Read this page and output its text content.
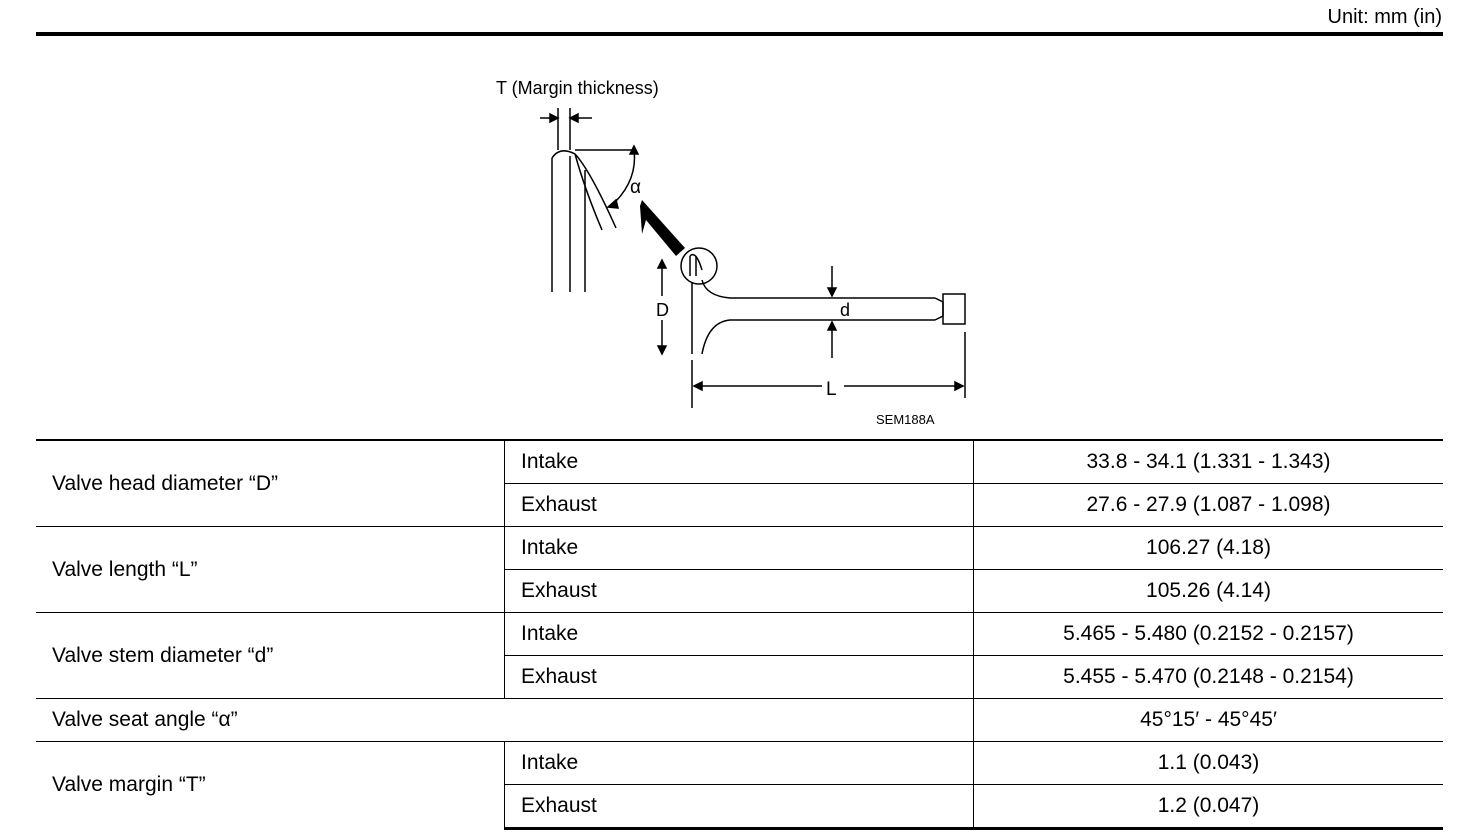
Unit: mm (in)
T (Margin thickness)
α
D	d
L
SEM188A
Valve head diameter “D”	Intake	33.8 - 34.1 (1.331 - 1.343)
	Exhaust	27.6 - 27.9 (1.087 - 1.098)
Valve length “L”	Intake	106.27 (4.18)
	Exhaust	105.26 (4.14)
Valve stem diameter “d”	Intake	5.465 - 5.480 (0.2152 - 0.2157)
	Exhaust	5.455 - 5.470 (0.2148 - 0.2154)
Valve seat angle “α”		45°15′ - 45°45′
Valve margin “T”	Intake	1.1 (0.043)
	Exhaust	1.2 (0.047)
